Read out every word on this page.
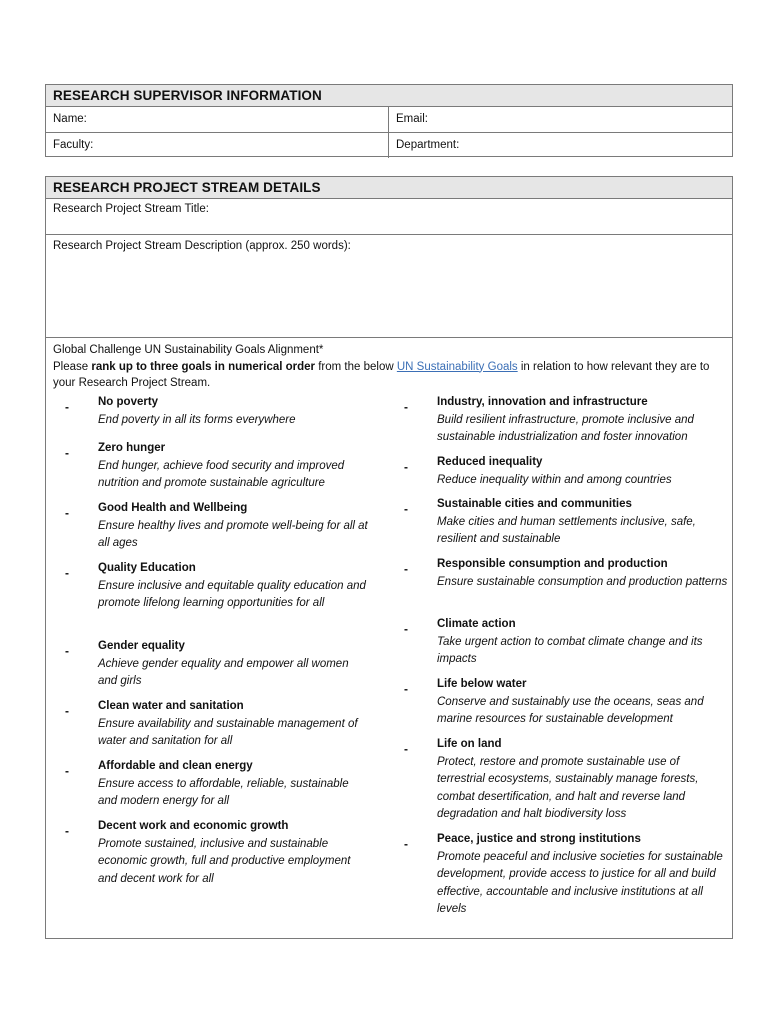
RESEARCH SUPERVISOR INFORMATION
Name:	Email:
Faculty:	Department:
RESEARCH PROJECT STREAM DETAILS
Research Project Stream Title:
Research Project Stream Description (approx. 250 words):
Global Challenge UN Sustainability Goals Alignment*
Please rank up to three goals in numerical order from the below UN Sustainability Goals in relation to how relevant they are to your Research Project Stream.
-	No poverty
End poverty in all its forms everywhere
-	Zero hunger
End hunger, achieve food security and improved nutrition and promote sustainable agriculture
-	Good Health and Wellbeing
Ensure healthy lives and promote well-being for all at all ages
-	Quality Education
Ensure inclusive and equitable quality education and promote lifelong learning opportunities for all
-	Gender equality
Achieve gender equality and empower all women and girls
-	Clean water and sanitation
Ensure availability and sustainable management of water and sanitation for all
-	Affordable and clean energy
Ensure access to affordable, reliable, sustainable and modern energy for all
-	Decent work and economic growth
Promote sustained, inclusive and sustainable economic growth, full and productive employment and decent work for all
-	Industry, innovation and infrastructure
Build resilient infrastructure, promote inclusive and sustainable industrialization and foster innovation
-	Reduced inequality
Reduce inequality within and among countries
-	Sustainable cities and communities
Make cities and human settlements inclusive, safe, resilient and sustainable
-	Responsible consumption and production
Ensure sustainable consumption and production patterns
-	Climate action
Take urgent action to combat climate change and its impacts
-	Life below water
Conserve and sustainably use the oceans, seas and marine resources for sustainable development
-	Life on land
Protect, restore and promote sustainable use of terrestrial ecosystems, sustainably manage forests, combat desertification, and halt and reverse land degradation and halt biodiversity loss
-	Peace, justice and strong institutions
Promote peaceful and inclusive societies for sustainable development, provide access to justice for all and build effective, accountable and inclusive institutions at all levels
